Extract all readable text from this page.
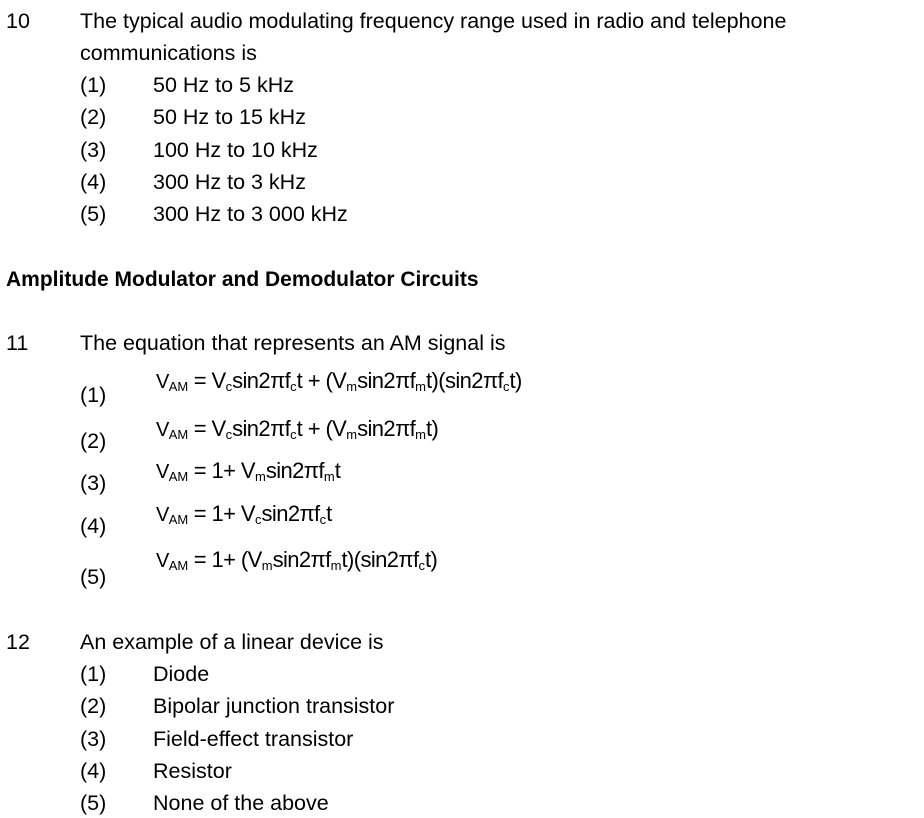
10 The typical audio modulating frequency range used in radio and telephone
communications is
(1) 50 Hz to 5 kHz
(2) 50 Hz to 15 kHz
(3) 100 Hz to 10 kHz
(4) 300 Hz to 3 kHz
(5) 300 Hz to 3 000 kHz
Amplitude Modulator and Demodulator Circuits
11 The equation that represents an AM signal is
(1)
$V_{AM} = V_c\sin 2\pi f_ct + (V_m\sin 2\pi f_mt)(\sin 2\pi f_ct)$
(2) $V_{AM} = V_c\sin 2\pi f_ct + (V_m\sin 2\pi f_mt)$
(3) $V_{AM} = 1+ V_m\sin 2\pi f_mt$
(4) $V_{AM} = 1+ V_c\sin 2\pi f_ct$
(5)
$V_{AM} = 1+ (V_m\sin 2\pi f_mt)(\sin 2\pi f_ct)$
12 An example of a linear device is
(1) Diode
(2) Bipolar junction transistor
(3) Field-effect transistor
(4) Resistor
(5) None of the above
